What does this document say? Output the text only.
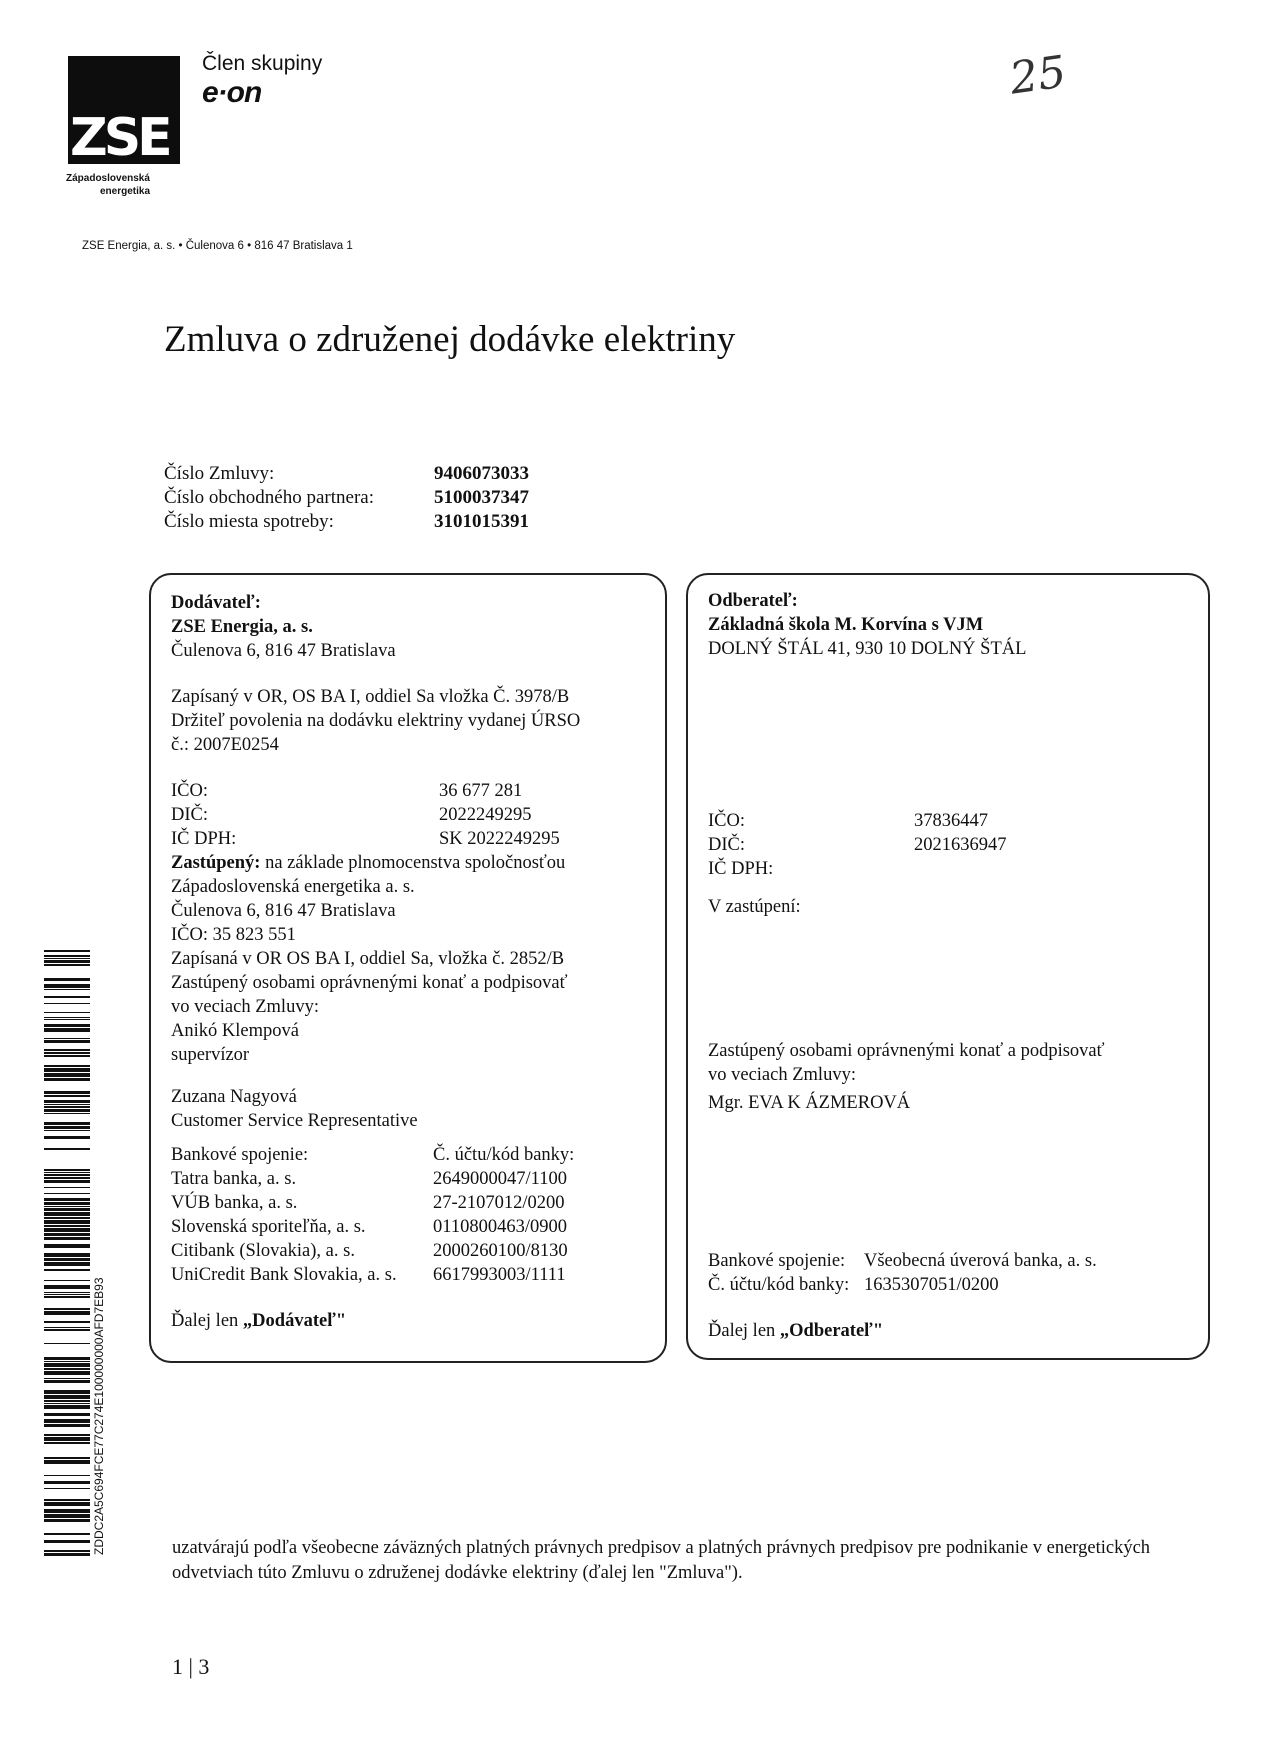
ZSE
Západoslovenská
energetika
Člen skupiny
e·on	25
ZSE Energia, a. s. • Čulenova 6 • 816 47 Bratislava 1
Zmluva o združenej dodávke elektriny
Číslo Zmluvy:	9406073033
Číslo obchodného partnera:	5100037347
Číslo miesta spotreby:	3101015391
Dodávateľ:
ZSE Energia, a. s.
Čulenova 6, 816 47 Bratislava
Zapísaný v OR, OS BA I, oddiel Sa vložka Č. 3978/B
Držiteľ povolenia na dodávku elektriny vydanej ÚRSO
č.: 2007E0254
IČO:	36 677 281
DIČ:	2022249295
IČ DPH:	SK 2022249295
Zastúpený: na základe plnomocenstva spoločnosťou
Západoslovenská energetika a. s.
Čulenova 6, 816 47 Bratislava
IČO: 35 823 551
Zapísaná v OR OS BA I, oddiel Sa, vložka č. 2852/B
Zastúpený osobami oprávnenými konať a podpisovať
vo veciach Zmluvy:
Anikó Klempová
supervízor
Zuzana Nagyová
Customer Service Representative
Bankové spojenie:	Č. účtu/kód banky:
Tatra banka, a. s.	2649000047/1100
VÚB banka, a. s.	27-2107012/0200
Slovenská sporiteľňa, a. s.	0110800463/0900
Citibank (Slovakia), a. s.	2000260100/8130
UniCredit Bank Slovakia, a. s.	6617993003/1111
Ďalej len „Dodávateľ"
Odberateľ:
Základná škola M. Korvína s VJM
DOLNÝ ŠTÁL 41, 930 10 DOLNÝ ŠTÁL
IČO:	37836447
DIČ:	2021636947
IČ DPH:
V zastúpení:
Zastúpený osobami oprávnenými konať a podpisovať
vo veciach Zmluvy:
Mgr. EVA K ÁZMEROVÁ
Bankové spojenie:	Všeobecná úverová banka, a. s.
Č. účtu/kód banky: 1635307051/0200
Ďalej len „Odberateľ"
uzatvárajú podľa všeobecne záväzných platných právnych predpisov a platných právnych predpisov pre podnikanie v energetických odvetviach túto Zmluvu o združenej dodávke elektriny (ďalej len "Zmluva").
1 | 3
ZDDC2A5C694FCE77C274E100000000AFD7EB93
